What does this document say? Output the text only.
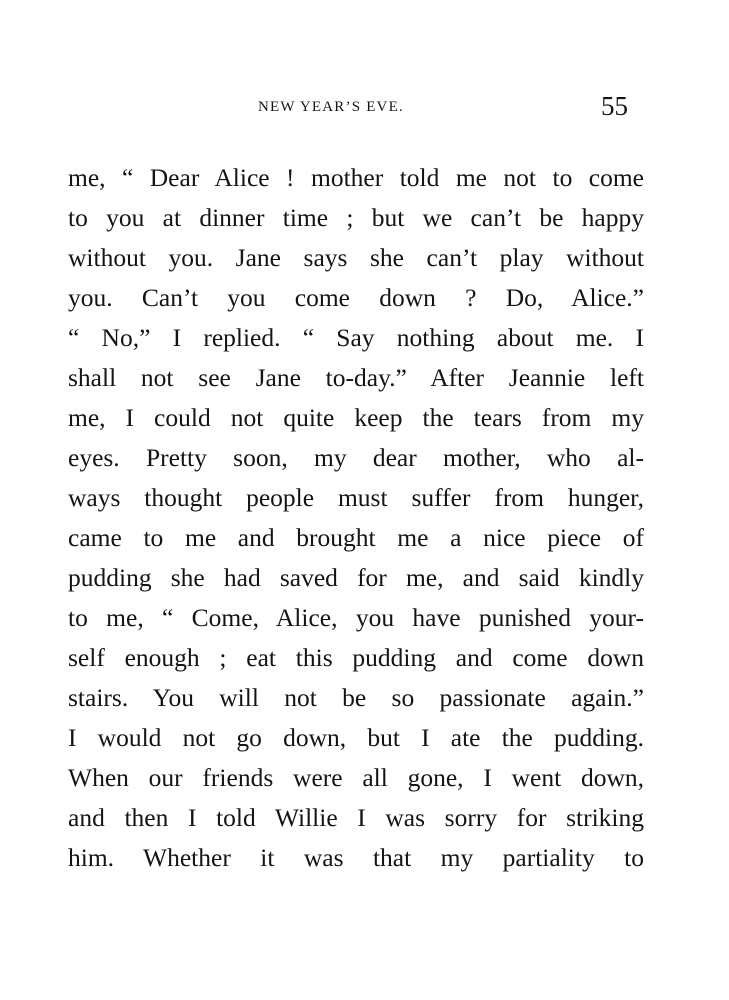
NEW YEAR’S EVE.	55
me, “ Dear Alice ! mother told me not to come
to you at dinner time ; but we can’t be happy
without you. Jane says she can’t play without
you. Can’t you come down ? Do, Alice.”
“ No,” I replied. “ Say nothing about me. I
shall not see Jane to-day.” After Jeannie left
me, I could not quite keep the tears from my
eyes. Pretty soon, my dear mother, who al-
ways thought people must suffer from hunger,
came to me and brought me a nice piece of
pudding she had saved for me, and said kindly
to me, “ Come, Alice, you have punished your-
self enough ; eat this pudding and come down
stairs. You will not be so passionate again.”
I would not go down, but I ate the pudding.
When our friends were all gone, I went down,
and then I told Willie I was sorry for striking
him. Whether it was that my partiality to
